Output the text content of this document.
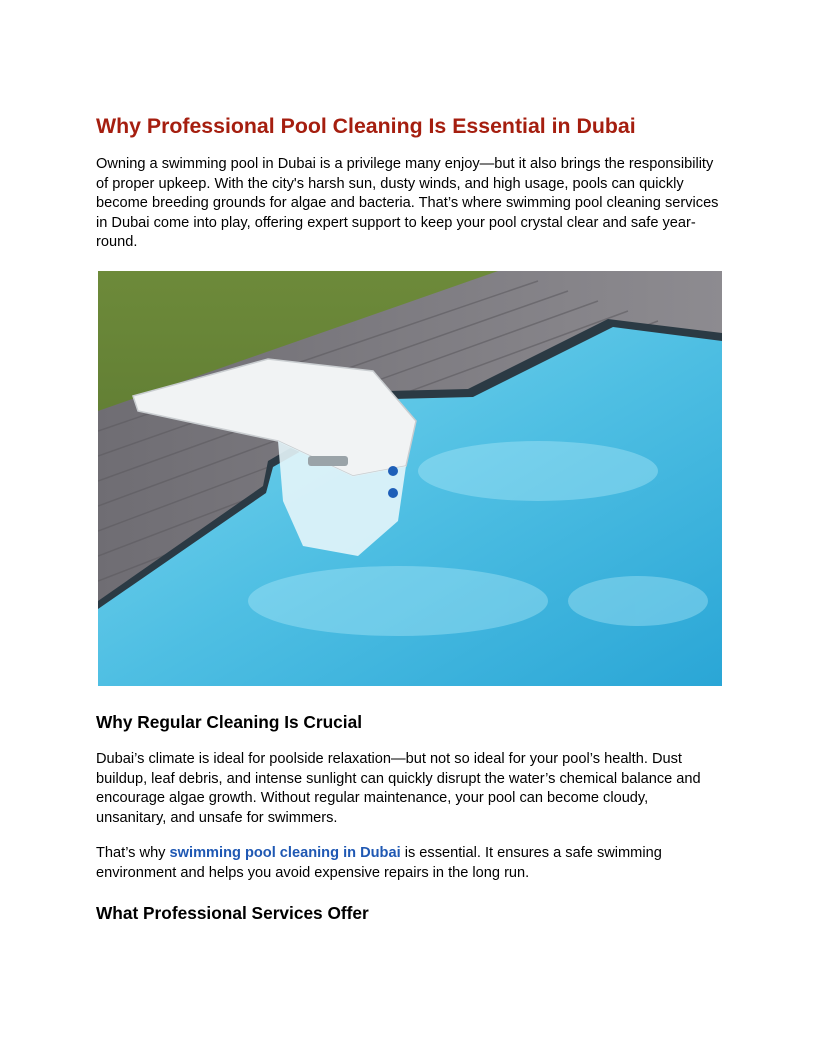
Why Professional Pool Cleaning Is Essential in Dubai

Owning a swimming pool in Dubai is a privilege many enjoy—but it also brings the responsibility of proper upkeep. With the city's harsh sun, dusty winds, and high usage, pools can quickly become breeding grounds for algae and bacteria. That’s where swimming pool cleaning services in Dubai come into play, offering expert support to keep your pool crystal clear and safe year-round.

Why Regular Cleaning Is Crucial

Dubai’s climate is ideal for poolside relaxation—but not so ideal for your pool’s health. Dust buildup, leaf debris, and intense sunlight can quickly disrupt the water’s chemical balance and encourage algae growth. Without regular maintenance, your pool can become cloudy, unsanitary, and unsafe for swimmers.

That’s why swimming pool cleaning in Dubai is essential. It ensures a safe swimming environment and helps you avoid expensive repairs in the long run.

What Professional Services Offer
